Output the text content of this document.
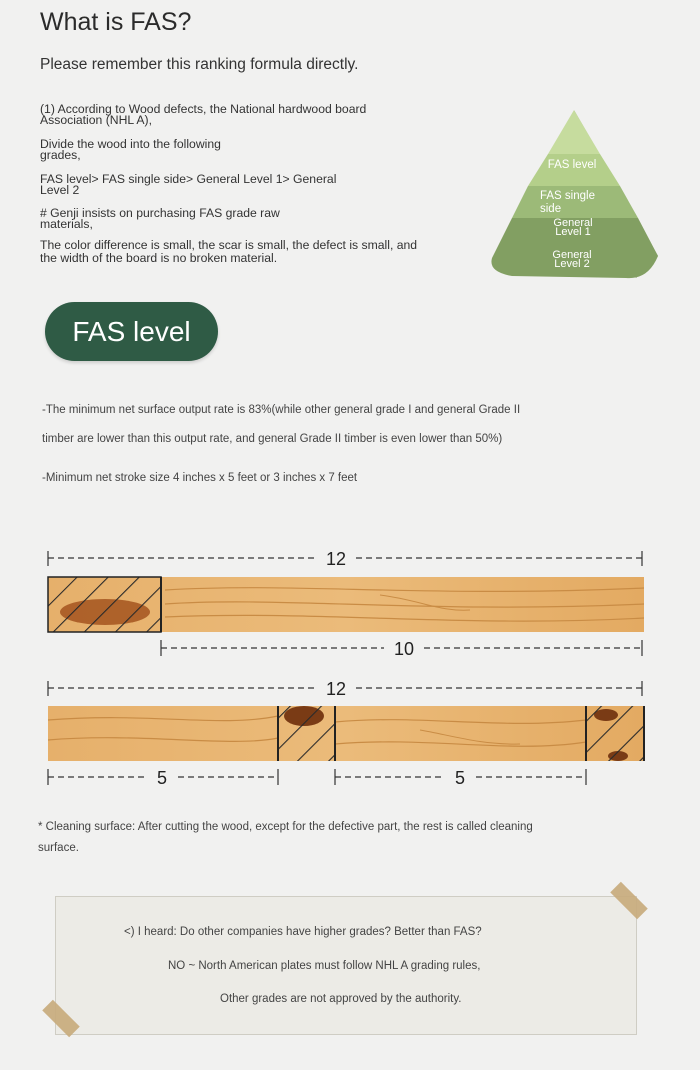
What is FAS?
Please remember this ranking formula directly.
(1) According to Wood defects, the National hardwood board Association (NHL A),
Divide the wood into the following grades,
FAS level> FAS single side> General Level 1> General Level 2
# Genji insists on purchasing FAS grade raw materials,
The color difference is small, the scar is small, the defect is small, and the width of the board is no broken material.
FAS level
FAS single side
General Level 1
General Level 2
FAS level
-The minimum net surface output rate is 83%(while other general grade I and general Grade II
timber are lower than this output rate, and general Grade II timber is even lower than 50%)
-Minimum net stroke size 4 inches x 5 feet or 3 inches x 7 feet
12
10
12
5	5
* Cleaning surface: After cutting the wood, except for the defective part, the rest is called cleaning
surface.
<) I heard: Do other companies have higher grades? Better than FAS?
NO ~ North American plates must follow NHL A grading rules,
Other grades are not approved by the authority.
